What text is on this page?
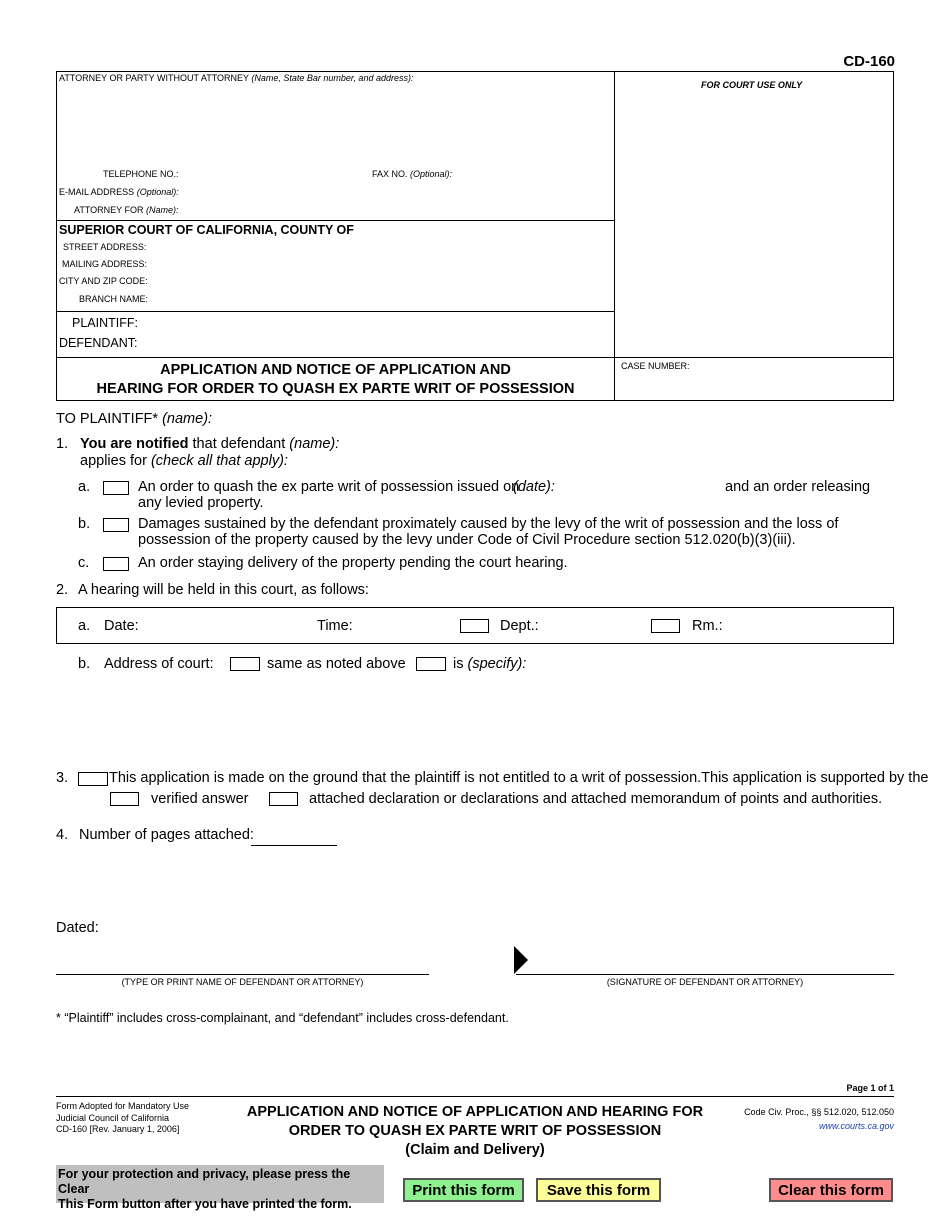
CD-160
ATTORNEY OR PARTY WITHOUT ATTORNEY (Name, State Bar number, and address):
FOR COURT USE ONLY
TELEPHONE NO.:	FAX NO. (Optional):
E-MAIL ADDRESS (Optional):
ATTORNEY FOR (Name):
SUPERIOR COURT OF CALIFORNIA, COUNTY OF
STREET ADDRESS:
MAILING ADDRESS:
CITY AND ZIP CODE:
BRANCH NAME:
PLAINTIFF:
DEFENDANT:
APPLICATION AND NOTICE OF APPLICATION AND
HEARING FOR ORDER TO QUASH EX PARTE WRIT OF POSSESSION
CASE NUMBER:
TO PLAINTIFF* (name):
1. You are notified that defendant (name):
applies for (check all that apply):
a.	An order to quash the ex parte writ of possession issued on
(date):	and an order releasing
any levied property.
b.	Damages sustained by the defendant proximately caused by the levy of the writ of possession and the loss of
possession of the property caused by the levy under Code of Civil Procedure section 512.020(b)(3)(iii).
c.	An order staying delivery of the property pending the court hearing.
2. A hearing will be held in this court, as follows:
a. Date:	Time:	Dept.:	Rm.:
b. Address of court:	same as noted above	is (specify):
3.	This application is made on the ground that the plaintiff is not entitled to a writ of possession.This application is supported by the
verified answer	attached declaration or declarations and attached memorandum of points and authorities.
4. Number of pages attached:
Dated:
(TYPE OR PRINT NAME OF DEFENDANT OR ATTORNEY)	(SIGNATURE OF DEFENDANT OR ATTORNEY)
* “Plaintiff” includes cross-complainant, and “defendant” includes cross-defendant.
Page 1 of 1
Form Adopted for Mandatory Use
Judicial Council of California
CD-160 [Rev. January 1, 2006]
APPLICATION AND NOTICE OF APPLICATION AND HEARING FOR
ORDER TO QUASH EX PARTE WRIT OF POSSESSION
(Claim and Delivery)
Code Civ. Proc., §§ 512.020, 512.050
www.courts.ca.gov
For your protection and privacy, please press the Clear
This Form button after you have printed the form.
Print this form	Save this form	Clear this form
